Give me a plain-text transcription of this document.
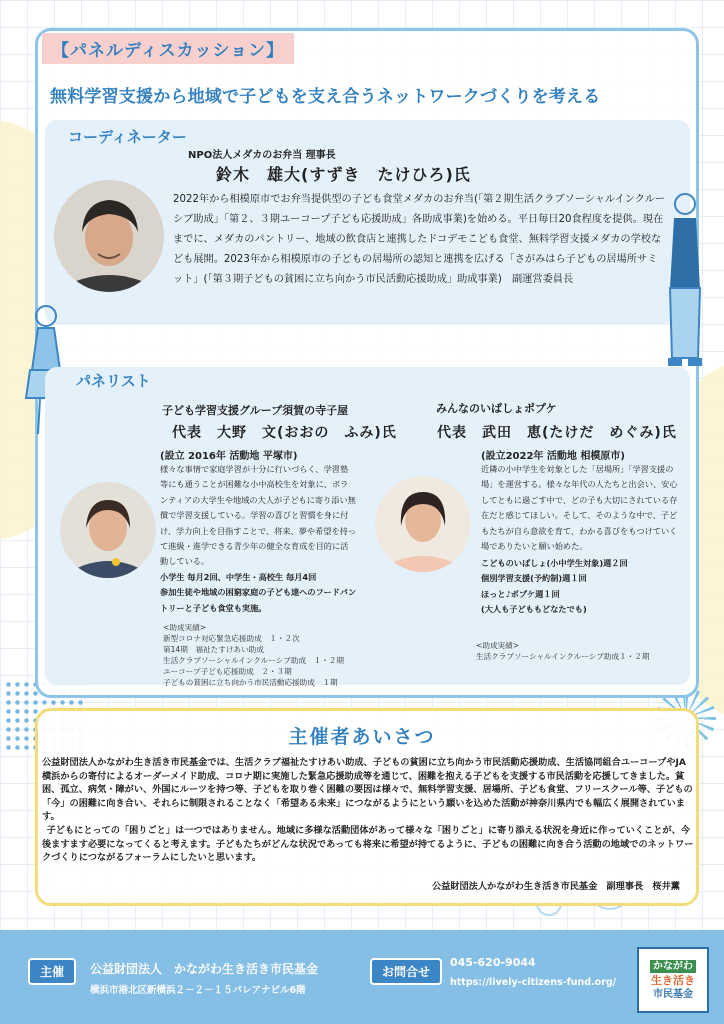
【パネルディスカッション】
無料学習支援から地域で子どもを支え合うネットワークづくりを考える
コーディネーター
NPO法人メダカのお弁当 理事長
鈴木　雄大(すずき　たけひろ)氏
2022年から相模原市でお弁当提供型の子ども食堂メダカのお弁当(「第２期生活クラブソーシャルインクルーシブ助成」「第２、３期ユーコープ子ども応援助成」各助成事業)を始める。平日毎日20食程度を提供。現在までに、メダカのパントリー、地域の飲食店と連携したドコデモこども食堂、無料学習支援メダカの学校なども展開。2023年から相模原市の子どもの居場所の認知と連携を広げる「さがみはら子どもの居場所サミット」(「第３期子どもの貧困に立ち向かう市民活動応援助成」助成事業)　副運営委員長
パネリスト
子ども学習支援グループ須賀の寺子屋
代表　大野　文(おおの　ふみ)氏
(設立 2016年 活動地 平塚市)
様々な事情で家庭学習が十分に行いづらく、学習塾等にも通うことが困難な小中高校生を対象に、ボランティアの大学生や地域の大人が子どもに寄り添い無償で学習支援している。学習の喜びと習慣を身に付け、学力向上を目指すことで、将来、夢や希望を持って進級・進学できる青少年の健全な育成を目的に活動している。
小学生 毎月2回、中学生・高校生 毎月4回
参加生徒や地域の困窮家庭の子ども達へのフードパントリーと子ども食堂も実施。
<助成実績>
新型コロナ対応緊急応援助成　１・２次
第14期　福祉たすけあい助成
生活クラブソーシャルインクルーシブ助成　１・２期
ユーコープ子ども応援助成　２・３期
子どもの貧困に立ち向かう市民活動応援助成　１期
みんなのいばしょポプケ
代表　武田　恵(たけだ　めぐみ)氏
(設立2022年 活動地 相模原市)
近隣の小中学生を対象とした「居場所」「学習支援の場」を運営する。様々な年代の人たちと出会い、安心してともに過ごす中で、どの子も大切にされている存在だと感じてほしい。そして、そのような中で、子どもたちが自ら意欲を育て、わかる喜びをもつけていく場でありたいと願い始めた。
こどものいばしょ(小中学生対象)週２回
個別学習支援(予約制)週１回
ほっと♪ポプケ週１回
(大人も子どももどなたでも)
<助成実績>
生活クラブソーシャルインクルーシブ助成１・２期
主催者あいさつ

公益財団法人かながわ生き活き市民基金では、生活クラブ福祉たすけあい助成、子どもの貧困に立ち向かう市民活動応援助成、生活協同組合ユーコープやJA横浜からの寄付によるオーダーメイド助成、コロナ期に実施した緊急応援助成等を通じて、困難を抱える子どもを支援する市民活動を応援してきました。貧困、孤立、病気・障がい、外国にルーツを持つ等、子どもを取り巻く困難の要因は様々で、無料学習支援、居場所、子ども食堂、フリースクール等、子どもの「今」の困難に向き合い、それらに制限されることなく「希望ある未来」につながるようにという願いを込めた活動が神奈川県内でも幅広く展開されています。

子どもにとっての「困りごと」は一つではありません。地域に多様な活動団体があって様々な「困りごと」に寄り添える状況を身近に作っていくことが、今後ますます必要になってくると考えます。子どもたちがどんな状況であっても将来に希望が持てるように、子どもの困難に向き合う活動の地域でのネットワークづくりにつながるフォーラムにしたいと思います。

公益財団法人かながわ生き活き市民基金　副理事長　桜井薫
主催	公益財団法人　かながわ生き活き市民基金
横浜市港北区新横浜２－２－１５パレアナビル6階
お問合せ
045-620-9044
https://lively-citizens-fund.org/
かながわ
生き活き
市民基金
